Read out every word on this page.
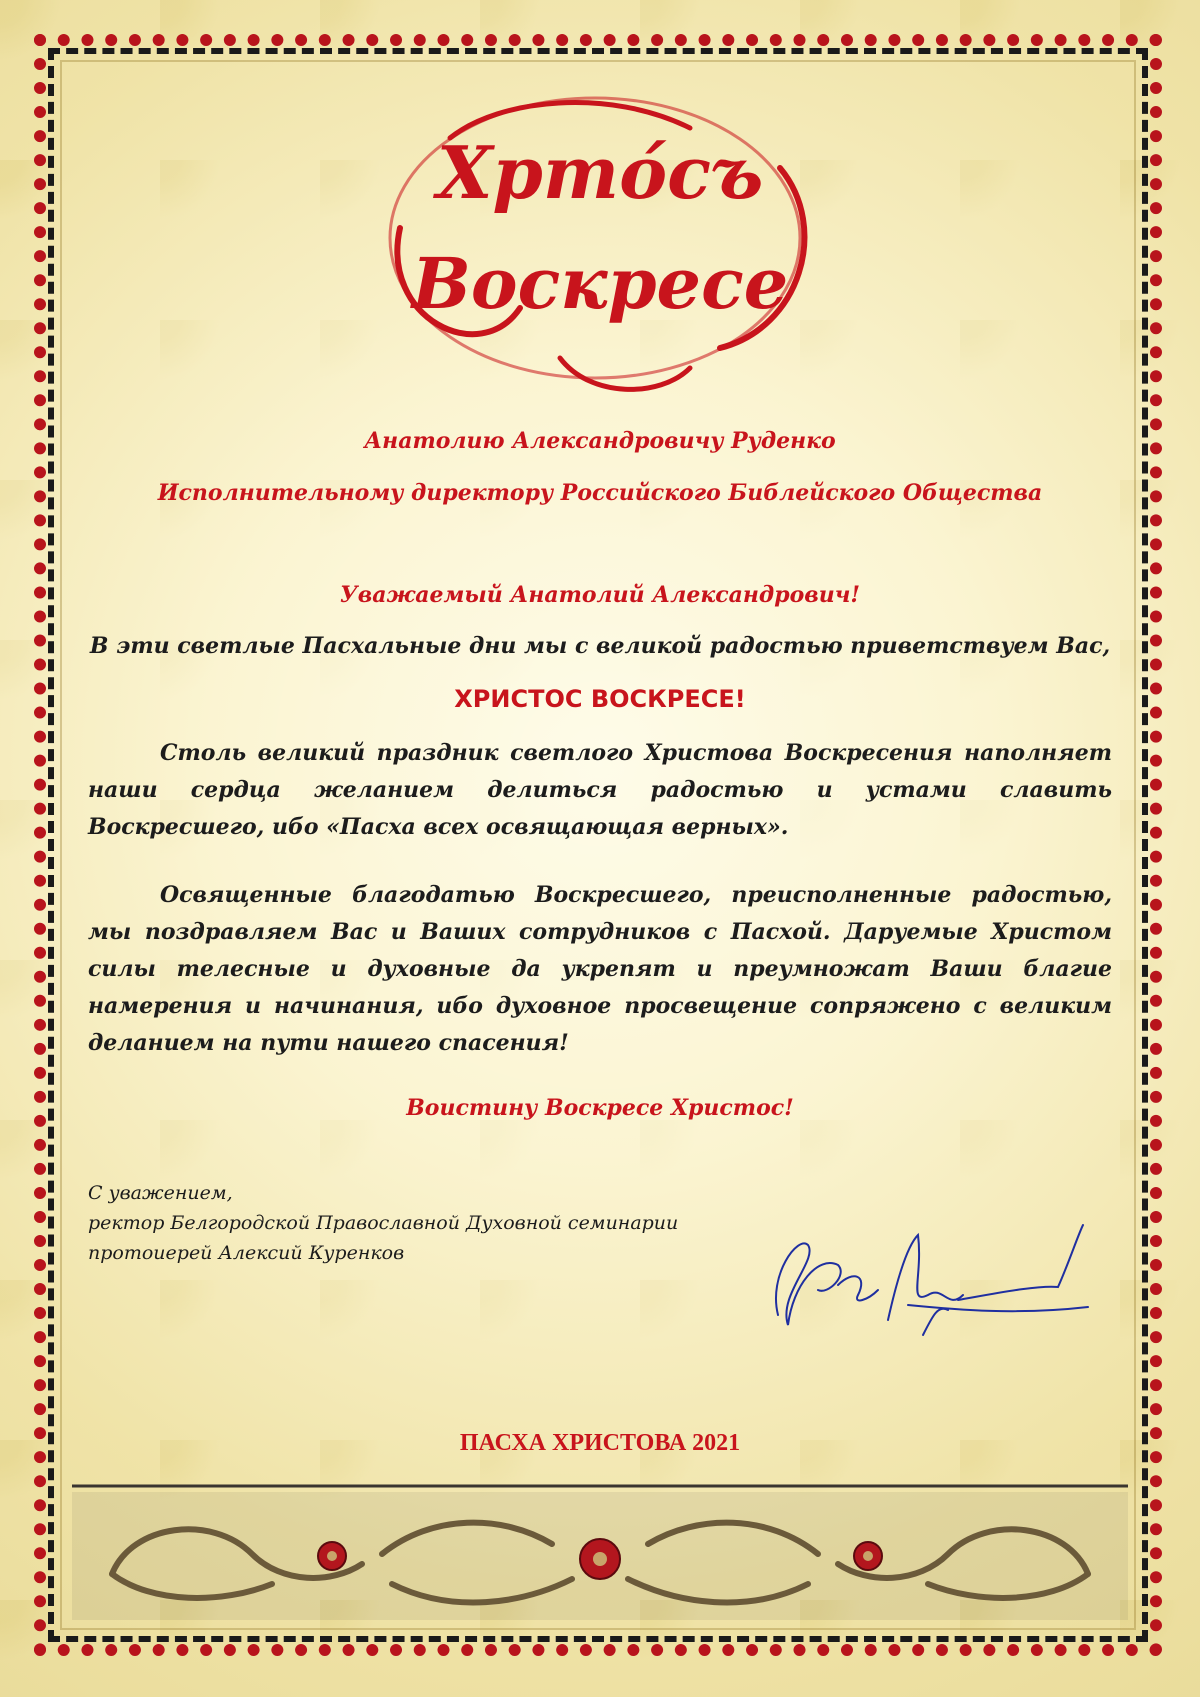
Хрто́съ
Воскресе
Анатолию Александровичу Руденко
Исполнительному директору Российского Библейского Общества
Уважаемый Анатолий Александрович!
В эти светлые Пасхальные дни мы с великой радостью приветствуем Вас,
ХРИСТОС ВОСКРЕСЕ!
Столь великий праздник светлого Христова Воскресения наполняет наши сердца желанием делиться радостью и устами славить Воскресшего, ибо «Пасха всех освящающая верных».
Освященные благодатью Воскресшего, преисполненные радостью, мы поздравляем Вас и Ваших сотрудников с Пасхой. Даруемые Христом силы телесные и духовные да укрепят и преумножат Ваши благие намерения и начинания, ибо духовное просвещение сопряжено с великим деланием на пути нашего спасения!
Воистину Воскресе Христос!
С уважением,
ректор Белгородской Православной Духовной семинарии
протоиерей Алексий Куренков
ПАСХА ХРИСТОВА 2021
